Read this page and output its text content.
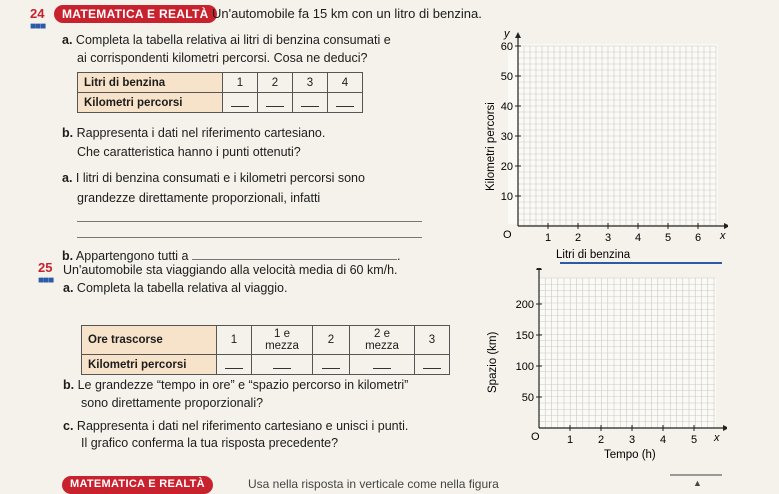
24
■■■
MATEMATICA E REALTÀ Un'automobile fa 15 km con un litro di benzina.
a. Completa la tabella relativa ai litri di benzina consumati e
ai corrispondenti kilometri percorsi. Cosa ne deduci?
Litri di benzina	1	2	3	4
Kilometri percorsi				
b. Rappresenta i dati nel riferimento cartesiano.
Che caratteristica hanno i punti ottenuti?
a. I litri di benzina consumati e i kilometri percorsi sono
grandezze direttamente proporzionali, infatti
b. Appartengono tutti a	.
1 2 3 4 5 6
10
20
30
40
50
60
y
x
O
Kilometri percorsi
Litri di benzina
25
■■■
Un'automobile sta viaggiando alla velocità media di 60 km/h.
a. Completa la tabella relativa al viaggio.
Ore trascorse	1	1 e mezza	2	2 e mezza	3
Kilometri percorsi					
b. Le grandezze “tempo in ore” e “spazio percorso in kilometri”
sono direttamente proporzionali?
c. Rappresenta i dati nel riferimento cartesiano e unisci i punti.
Il grafico conferma la tua risposta precedente?	1 2 3 4 5
50
100
150
200
x
O
Spazio (km)
Tempo (h)
MATEMATICA E REALTÀ	Usa nella risposta in verticale come nella figura	▲
